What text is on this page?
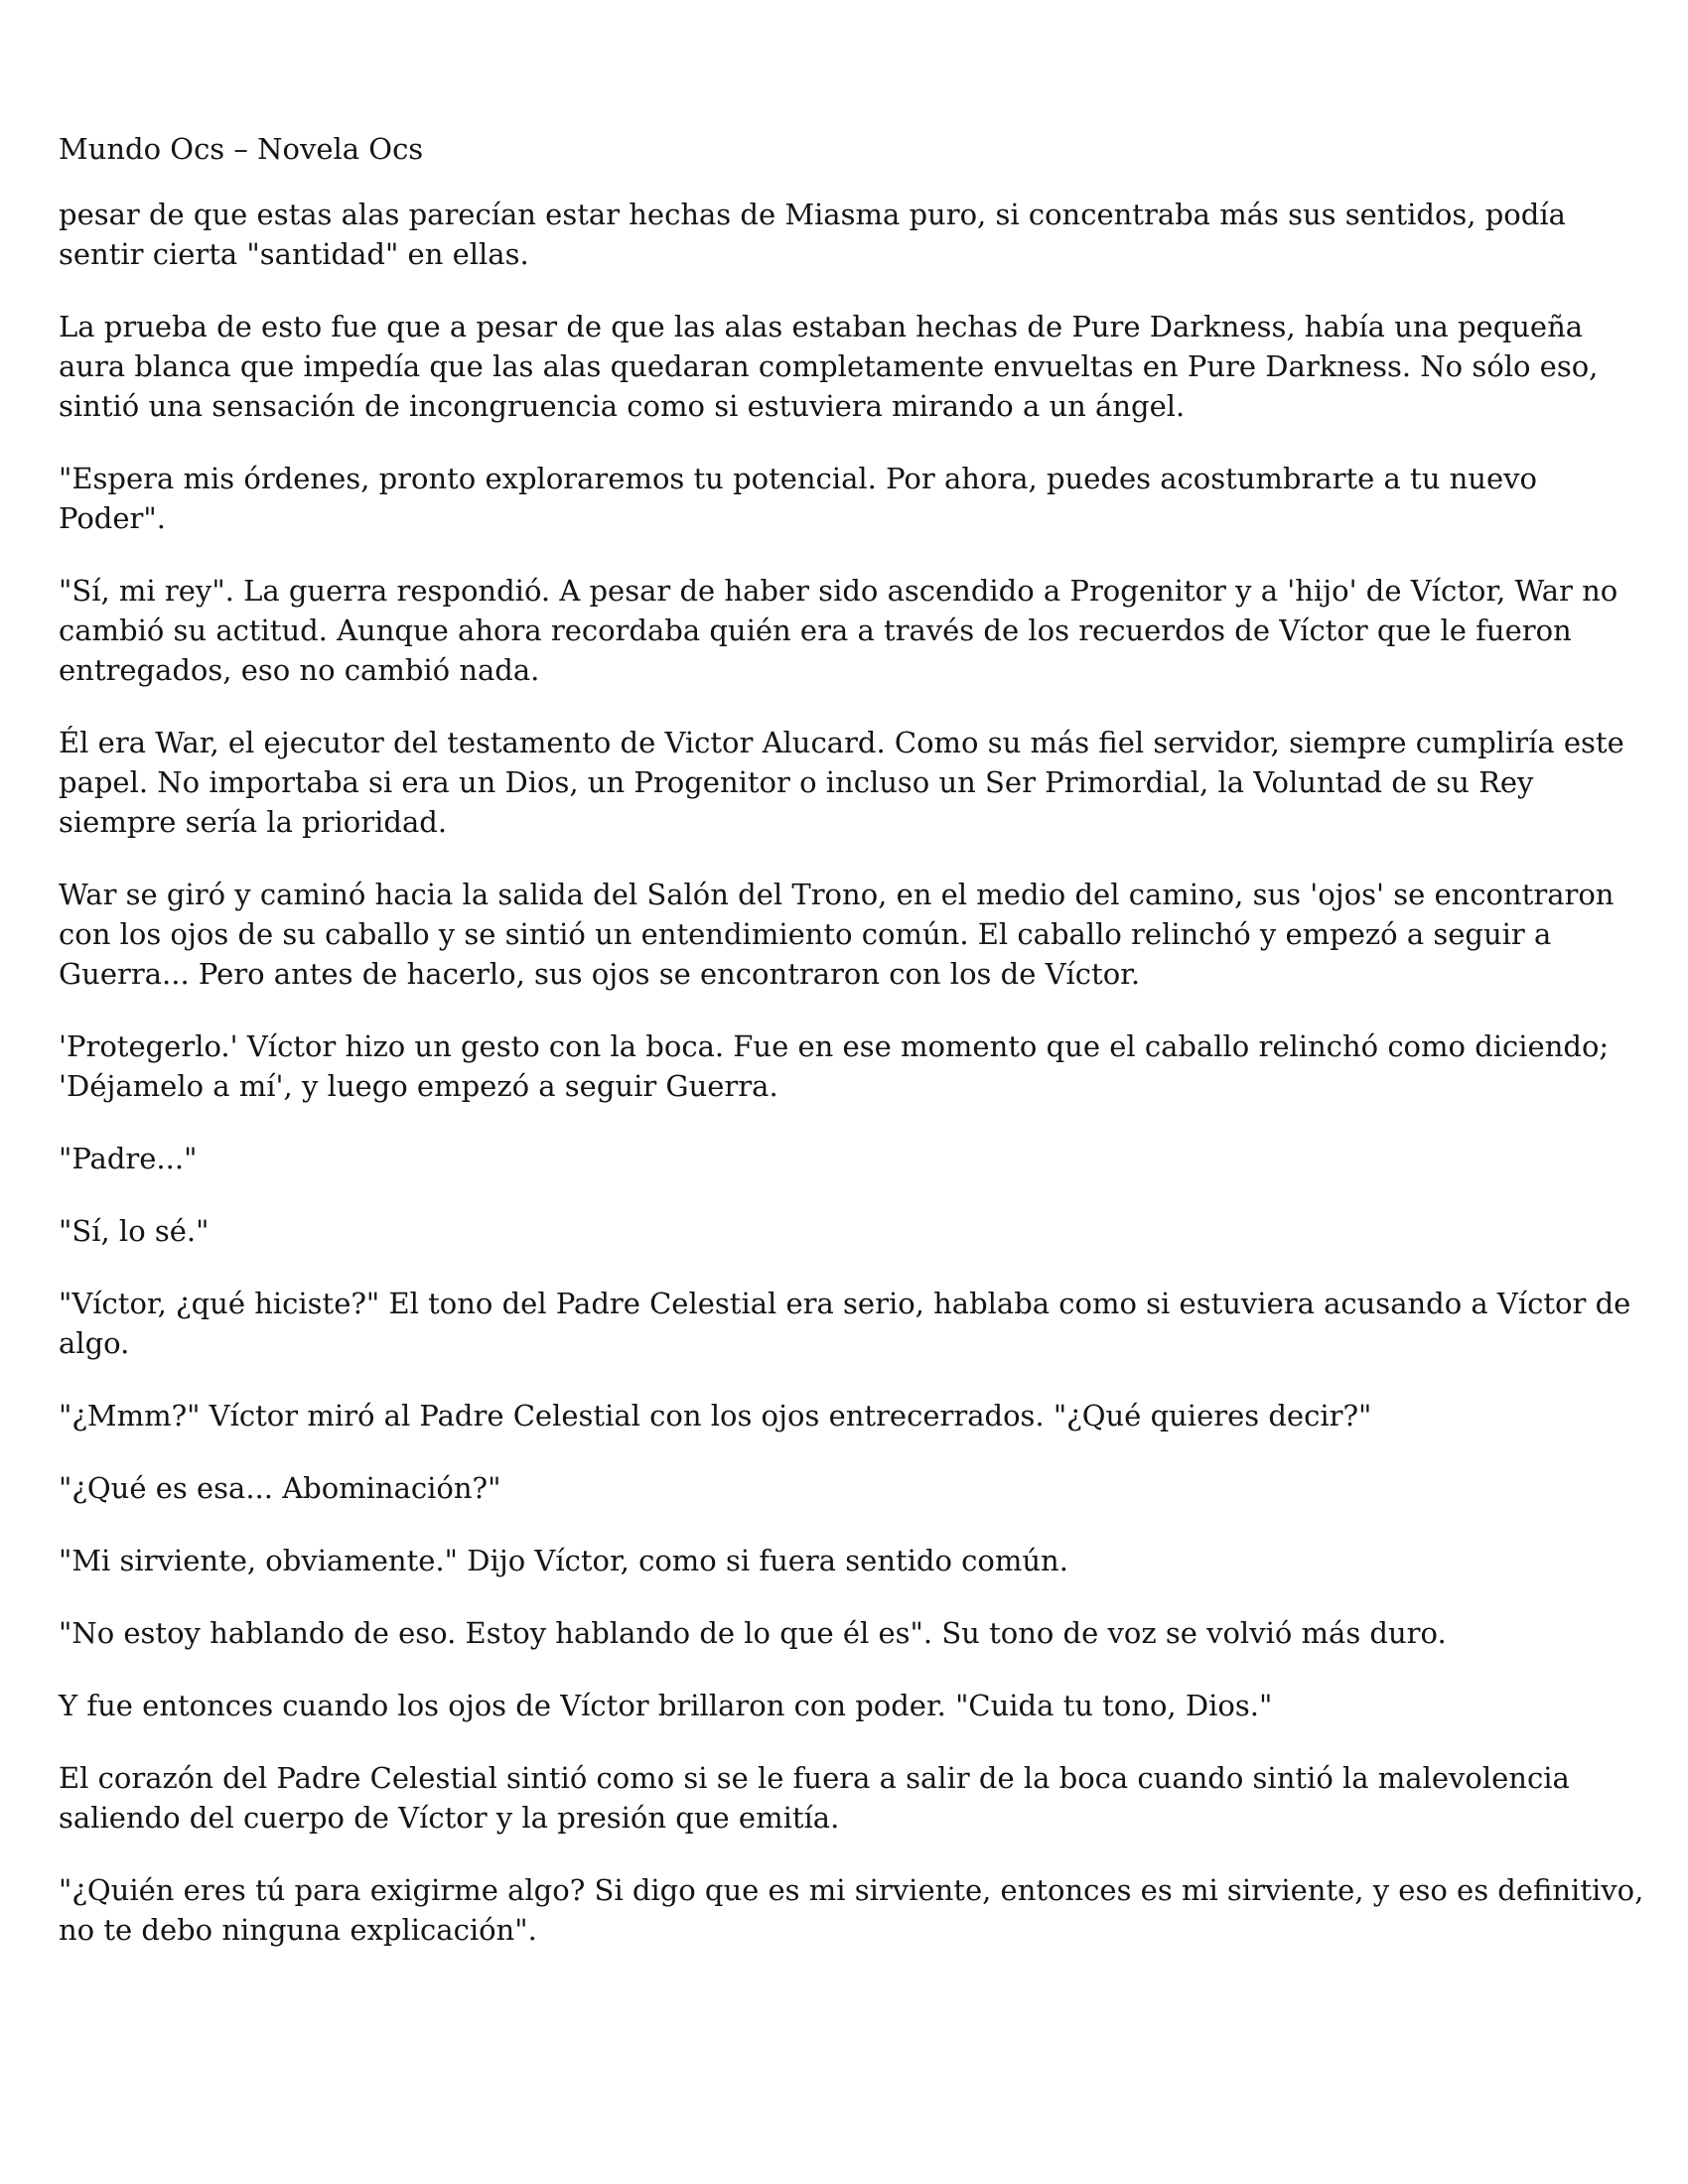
Mundo Ocs – Novela Ocs

pesar de que estas alas parecían estar hechas de Miasma puro, si concentraba más sus sentidos, podía sentir cierta "santidad" en ellas.

La prueba de esto fue que a pesar de que las alas estaban hechas de Pure Darkness, había una pequeña aura blanca que impedía que las alas quedaran completamente envueltas en Pure Darkness. No sólo eso, sintió una sensación de incongruencia como si estuviera mirando a un ángel.

"Espera mis órdenes, pronto exploraremos tu potencial. Por ahora, puedes acostumbrarte a tu nuevo Poder".

"Sí, mi rey". La guerra respondió. A pesar de haber sido ascendido a Progenitor y a 'hijo' de Víctor, War no cambió su actitud. Aunque ahora recordaba quién era a través de los recuerdos de Víctor que le fueron entregados, eso no cambió nada.

Él era War, el ejecutor del testamento de Victor Alucard. Como su más fiel servidor, siempre cumpliría este papel. No importaba si era un Dios, un Progenitor o incluso un Ser Primordial, la Voluntad de su Rey siempre sería la prioridad.

War se giró y caminó hacia la salida del Salón del Trono, en el medio del camino, sus 'ojos' se encontraron con los ojos de su caballo y se sintió un entendimiento común. El caballo relinchó y empezó a seguir a Guerra... Pero antes de hacerlo, sus ojos se encontraron con los de Víctor.

'Protegerlo.' Víctor hizo un gesto con la boca. Fue en ese momento que el caballo relinchó como diciendo; 'Déjamelo a mí', y luego empezó a seguir Guerra.

"Padre..."

"Sí, lo sé."

"Víctor, ¿qué hiciste?" El tono del Padre Celestial era serio, hablaba como si estuviera acusando a Víctor de algo.

"¿Mmm?" Víctor miró al Padre Celestial con los ojos entrecerrados. "¿Qué quieres decir?"

"¿Qué es esa... Abominación?"

"Mi sirviente, obviamente." Dijo Víctor, como si fuera sentido común.

"No estoy hablando de eso. Estoy hablando de lo que él es". Su tono de voz se volvió más duro.

Y fue entonces cuando los ojos de Víctor brillaron con poder. "Cuida tu tono, Dios."

El corazón del Padre Celestial sintió como si se le fuera a salir de la boca cuando sintió la malevolencia saliendo del cuerpo de Víctor y la presión que emitía.

"¿Quién eres tú para exigirme algo? Si digo que es mi sirviente, entonces es mi sirviente, y eso es definitivo, no te debo ninguna explicación".
